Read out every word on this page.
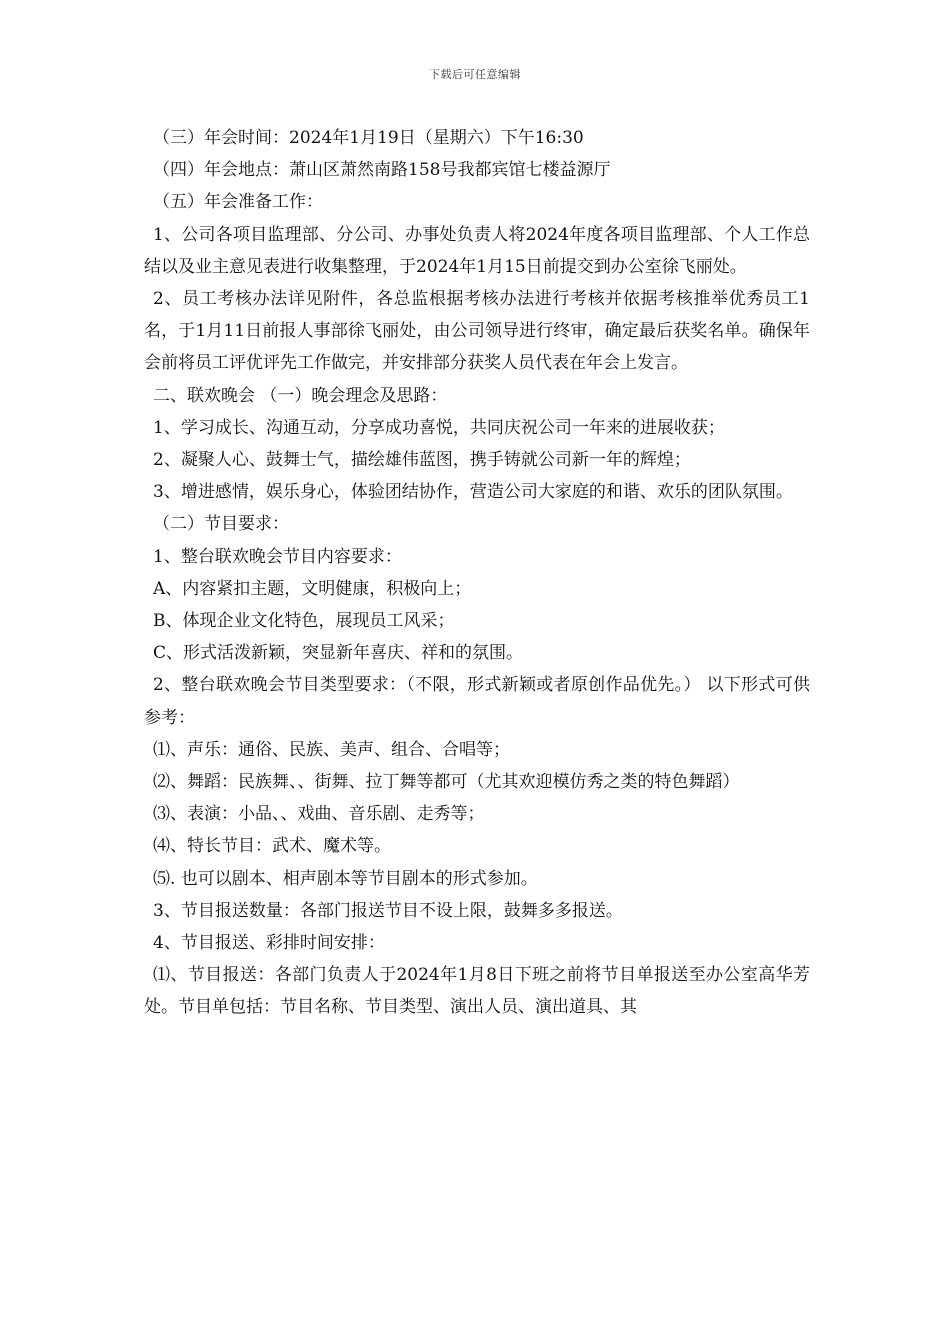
下载后可任意编辑

（三）年会时间：2024年1月19日（星期六）下午16:30

（四）年会地点：萧山区萧然南路158号我都宾馆七楼益源厅

（五）年会准备工作：

1、公司各项目监理部、分公司、办事处负责人将2024年度各项目监理部、个人工作总结以及业主意见表进行收集整理，于2024年1月15日前提交到办公室徐飞丽处。

2、员工考核办法详见附件，各总监根据考核办法进行考核并依据考核推举优秀员工1名，于1月11日前报人事部徐飞丽处，由公司领导进行终审，确定最后获奖名单。确保年会前将员工评优评先工作做完，并安排部分获奖人员代表在年会上发言。

二、联欢晚会 （一）晚会理念及思路：

1、学习成长、沟通互动，分享成功喜悦，共同庆祝公司一年来的进展收获；

2、凝聚人心、鼓舞士气，描绘雄伟蓝图，携手铸就公司新一年的辉煌；

3、增进感情，娱乐身心，体验团结协作，营造公司大家庭的和谐、欢乐的团队氛围。

（二）节目要求：

1、整台联欢晚会节目内容要求：

A、内容紧扣主题，文明健康，积极向上；

B、体现企业文化特色，展现员工风采；

C、形式活泼新颖，突显新年喜庆、祥和的氛围。

2、整台联欢晚会节目类型要求：（不限，形式新颖或者原创作品优先。） 以下形式可供参考：

⑴、声乐：通俗、民族、美声、组合、合唱等；

⑵、舞蹈：民族舞、、街舞、拉丁舞等都可（尤其欢迎模仿秀之类的特色舞蹈）

⑶、表演：小品、、戏曲、音乐剧、走秀等；

⑷、特长节目：武术、魔术等。

⑸. 也可以剧本、相声剧本等节目剧本的形式参加。

3、节目报送数量：各部门报送节目不设上限，鼓舞多多报送。

4、节目报送、彩排时间安排：

⑴、节目报送：各部门负责人于2024年1月8日下班之前将节目单报送至办公室高华芳处。节目单包括：节目名称、节目类型、演出人员、演出道具、其
